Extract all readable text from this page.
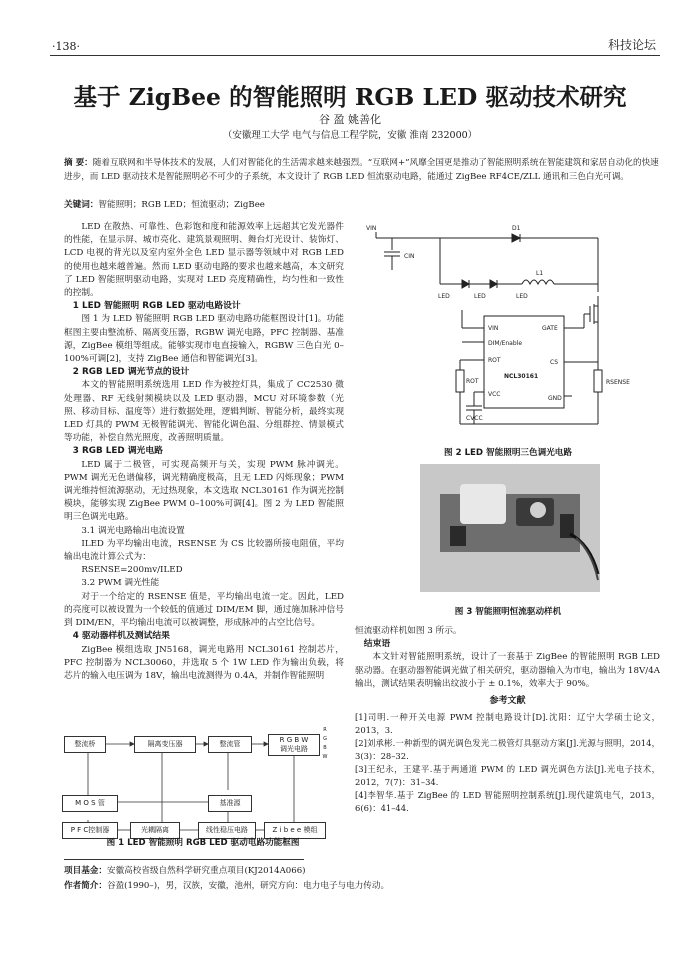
·138·	科技论坛
基于 ZigBee 的智能照明 RGB LED 驱动技术研究
谷 盈 姚善化
（安徽理工大学 电气与信息工程学院，安徽 淮南 232000）
摘 要：随着互联网和半导体技术的发展，人们对智能化的生活需求越来越强烈。“互联网+”风靡全国更是推动了智能照明系统在智能建筑和家居自动化的快速进步，而 LED 驱动技术是智能照明必不可少的子系统，本文设计了 RGB LED 恒流驱动电路，能通过 ZigBee RF4CE/ZLL 通讯和三色白光可调。
关键词：智能照明；RGB LED；恒流驱动；ZigBee

LED 在散热、可靠性、色彩饱和度和能源效率上远超其它发光器件的性能，在显示屏、城市亮化、建筑景观照明、舞台灯光设计、装饰灯、LCD 电视的背光以及室内室外全色 LED 显示器等领域中对 RGB LED 的使用也越来越普遍。然而 LED 驱动电路的要求也越来越高，本文研究了 LED 智能照明驱动电路，实现对 LED 亮度精确性，均匀性和一致性的控制。

1 LED 智能照明 RGB LED 驱动电路设计

图 1 为 LED 智能照明 RGB LED 驱动电路功能框图设计[1]。功能框图主要由整流桥、隔离变压器，RGBW 调光电路，PFC 控制器、基准源，ZigBee 模组等组成。能够实现市电直接输入，RGBW 三色白光 0–100%可调[2]，支持 ZigBee 通信和智能调光[3]。

2 RGB LED 调光节点的设计

本文的智能照明系统选用 LED 作为被控灯具，集成了 CC2530 微处理器、RF 无线射频模块以及 LED 驱动器，MCU 对环境参数（光照、移动目标、温度等）进行数据处理，逻辑判断、智能分析，最终实现 LED 灯具的 PWM 无极智能调光、智能化调色温、分组群控、情景模式等功能，补偿自然光照度，改善照明质量。

3 RGB LED 调光电路

LED 属于二极管，可实现高频开与关，实现 PWM 脉冲调光。PWM 调光无色谱偏移，调光精确度极高，且无 LED 闪烁现象；PWM 调光维持恒流源驱动，无过热现象，本文选取 NCL30161 作为调光控制模块，能够实现 ZigBee PWM 0–100%可调[4]。图 2 为 LED 智能照明三色调光电路。

3.1 调光电路输出电流设置

ILED 为平均输出电流，RSENSE 为 CS 比较器所接电阻值，平均输出电流计算公式为：

RSENSE=200mv/ILED

3.2 PWM 调光性能

对于一个给定的 RSENSE 值是，平均输出电流一定。因此，LED 的亮度可以被设置为一个较低的值通过 DIM/EM 脚，通过施加脉冲信号到 DIM/EN，平均输出电流可以被调整，形成脉冲的占空比信号。

4 驱动器样机及测试结果

ZigBee 模组选取 JN5168，调光电路用 NCL30161 控制芯片，PFC 控制器为 NCL30060，并选取 5 个 1W LED 作为输出负载，将芯片的输入电压调为 18V，输出电流测得为 0.4A，并制作智能照明

整流桥	隔离变压器	整流管	R G B W
调光电路
R
G
B
W
M O S 管	基准源
P F C控制器	光耦隔离	线性稳压电路	Z i b e e 模组
图 1 LED 智能照明 RGB LED 驱动电路功能框图
VIN
CIN
D1
L1
LED	LED	LED
VIN
DIM/Enable
ROT
NCL30161
VCC
GATE
CS
GND
ROT	RSENSE
CVCC
图 2 LED 智能照明三色调光电路
图 3 智能照明恒流驱动样机

恒流驱动样机如图 3 所示。

结束语

本文针对智能照明系统，设计了一套基于 ZigBee 的智能照明 RGB LED 驱动器。在驱动器智能调光做了相关研究，驱动器输入为市电，输出为 18V/4A 输出，测试结果表明输出纹波小于 ± 0.1%，效率大于 90%。

参考文献

[1]司明.一种开关电源 PWM 控制电路设计[D].沈阳：辽宁大学硕士论文，2013，3.

[2]刘承彬.一种新型的调光调色发光二极管灯具驱动方案[J].光源与照明，2014，3(3)：28–32.

[3]王纪永，王建平.基于两通道 PWM 的 LED 调光调色方法[J].光电子技术，2012，7(7)：31–34.

[4]李智华.基于 ZigBee 的 LED 智能照明控制系统[J].现代建筑电气，2013，6(6)：41–44.

项目基金：安徽高校省级自然科学研究重点项目(KJ2014A066)
作者简介：谷盈(1990–)，男，汉族，安徽，池州，研究方向：电力电子与电力传动。
